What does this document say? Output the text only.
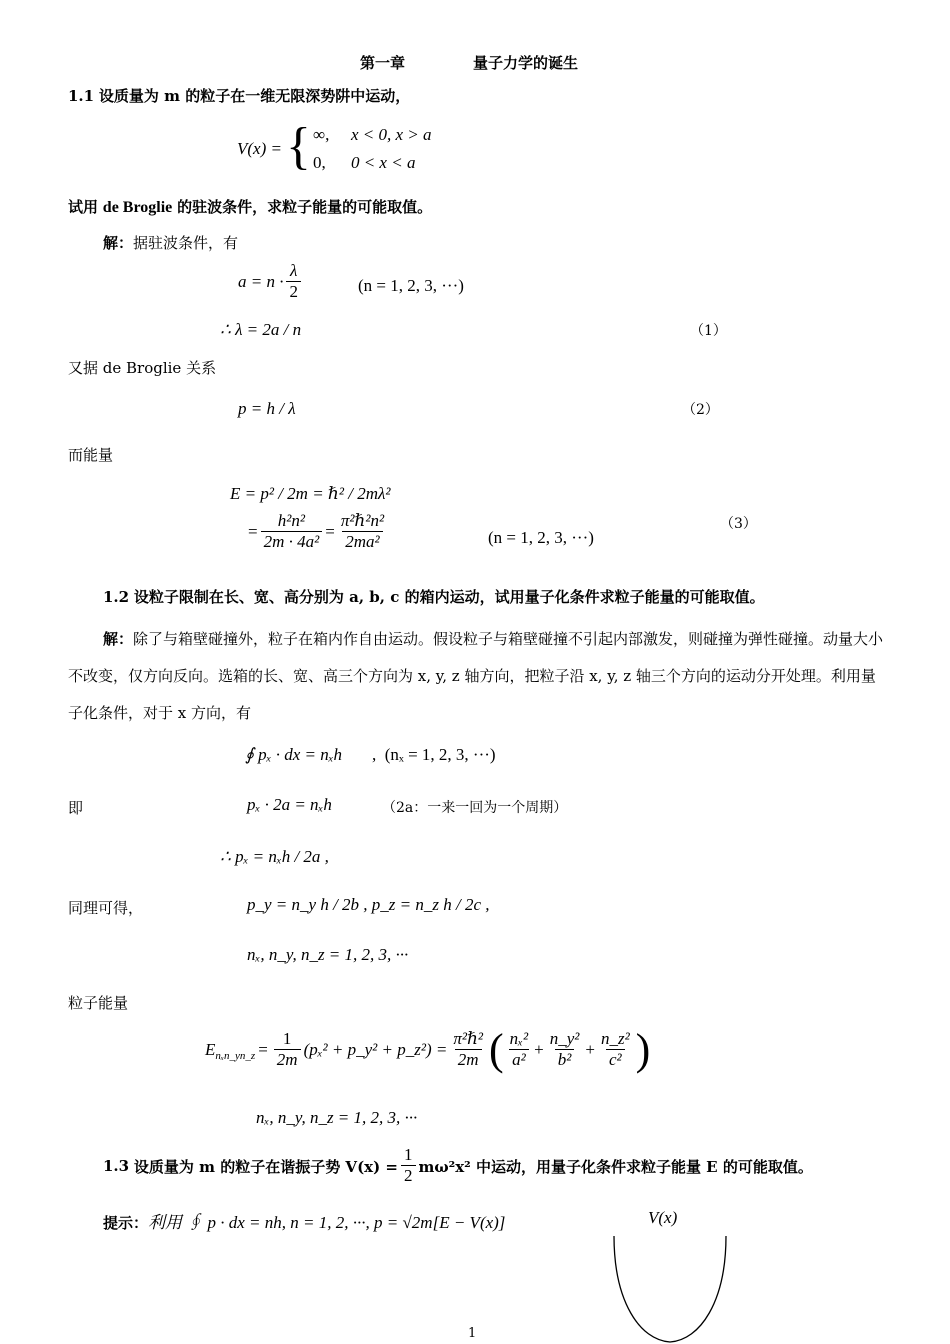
第一章	量子力学的诞生
1.1 设质量为 m 的粒子在一维无限深势阱中运动，
V(x) = { ∞, x < 0, x > a
0, 0 < x < a
试用 de Broglie 的驻波条件，求粒子能量的可能取值。
解：据驻波条件，有
$a = n \cdot \frac{\lambda}{2}$	(n = 1, 2, 3, ···)
∴ λ = 2a / n	（1）
又据 de Broglie 关系
p = h / λ	（2）
而能量
E = p² / 2m = ℏ² / 2mλ²
= $\frac{\text{h²n²}}{\text{2m · 4a²}} = \frac{\text{π²ℏ²n²}}{\text{2ma²}}$	(n = 1, 2, 3, ···)
（3）
1.2 设粒子限制在长、宽、高分别为 a, b, c 的箱内运动，试用量子化条件求粒子能量的可能取值。
解：除了与箱壁碰撞外，粒子在箱内作自由运动。假设粒子与箱壁碰撞不引起内部激发，则碰撞为弹性碰撞。动量大小不改变，仅方向反向。选箱的长、宽、高三个方向为 x, y, z 轴方向，把粒子沿 x, y, z 轴三个方向的运动分开处理。利用量子化条件，对于 x 方向，有
∮ pₓ · dx = nₓh ,  (nₓ = 1, 2, 3, ···)
即	pₓ · 2a = nₓh	（2a：一来一回为一个周期）
∴ pₓ = nₓh / 2a ,
同理可得，	p_y = n_y h / 2b , p_z = n_z h / 2c ,
nₓ, n_y, n_z = 1, 2, 3, ···
粒子能量
$E_{n_xn\_yn\_z} = \frac{1}{2m} (p_x^2$ + p_y² + p_z²) = $\frac{\text{π²ℏ²}}{2m}$ ( $\frac{\text{nₓ²}}{\text{a²}} + \frac{\text{n\_y²}}{\text{b²}} + \frac{\text{n\_z²}}{\text{c²}}$ )
nₓ, n_y, n_z = 1, 2, 3, ···
1.3
设质量为 m 的粒子在谐振子势 $V(x) = \frac{1}{2} m\omega^2x^2$ 中运动，用量子化条件求粒子能量 E 的可能取值。
提示：利用 ∮ p · dx = nh, n = 1, 2, ···, p = √2m[E − V(x)]	V(x)
1
